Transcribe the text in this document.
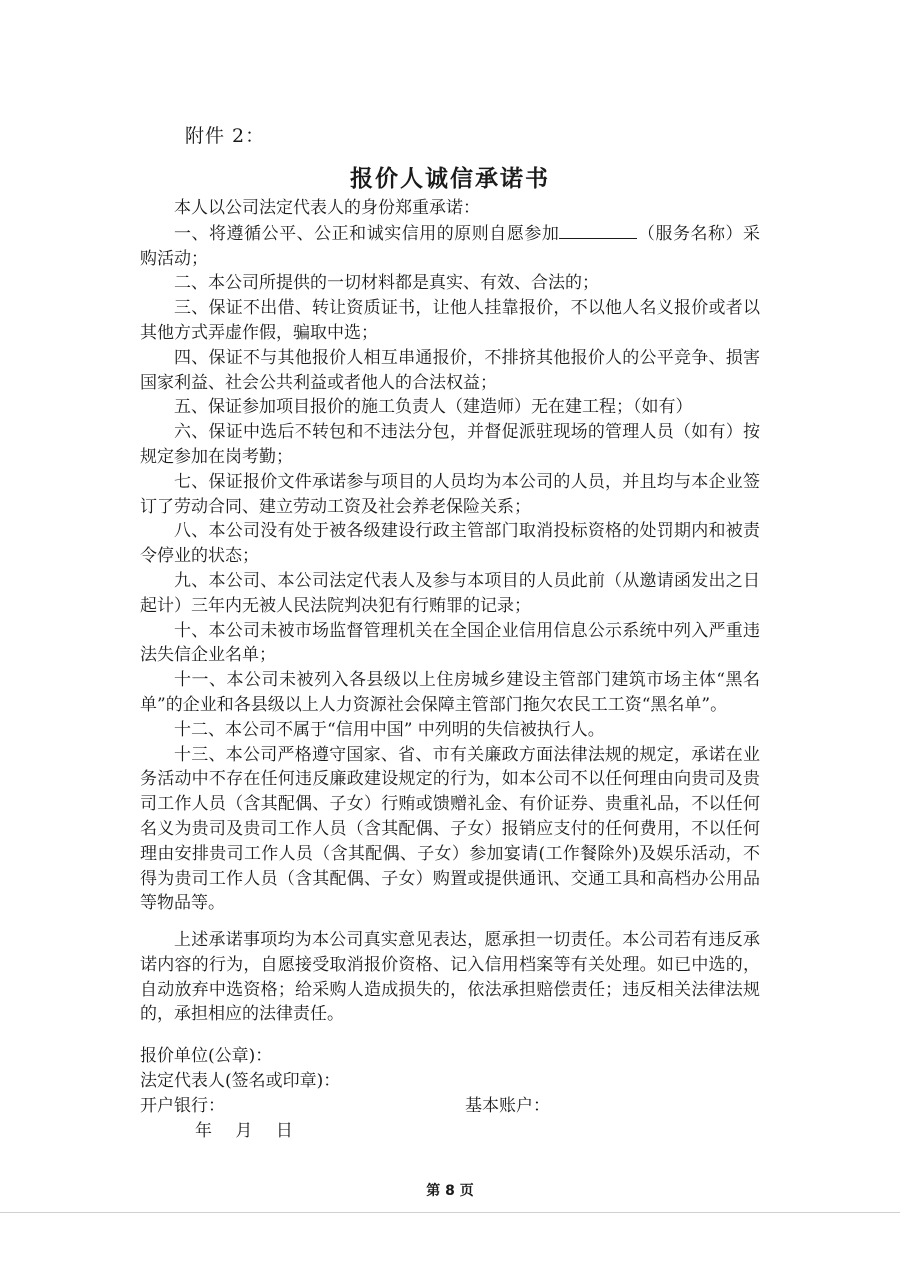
附件 2：
报价人诚信承诺书

本人以公司法定代表人的身份郑重承诺：

一、将遵循公平、公正和诚实信用的原则自愿参加	（服务名称）采购活动；

二、本公司所提供的一切材料都是真实、有效、合法的；

三、保证不出借、转让资质证书，让他人挂靠报价，不以他人名义报价或者以其他方式弄虚作假，骗取中选；

四、保证不与其他报价人相互串通报价，不排挤其他报价人的公平竞争、损害国家利益、社会公共利益或者他人的合法权益；

五、保证参加项目报价的施工负责人（建造师）无在建工程；（如有）

六、保证中选后不转包和不违法分包，并督促派驻现场的管理人员（如有）按规定参加在岗考勤；

七、保证报价文件承诺参与项目的人员均为本公司的人员，并且均与本企业签订了劳动合同、建立劳动工资及社会养老保险关系；

八、本公司没有处于被各级建设行政主管部门取消投标资格的处罚期内和被责令停业的状态；

九、本公司、本公司法定代表人及参与本项目的人员此前（从邀请函发出之日起计）三年内无被人民法院判决犯有行贿罪的记录；

十、本公司未被市场监督管理机关在全国企业信用信息公示系统中列入严重违法失信企业名单；

十一、本公司未被列入各县级以上住房城乡建设主管部门建筑市场主体“黑名单”的企业和各县级以上人力资源社会保障主管部门拖欠农民工工资“黑名单”。

十二、本公司不属于“信用中国” 中列明的失信被执行人。

十三、本公司严格遵守国家、省、市有关廉政方面法律法规的规定，承诺在业务活动中不存在任何违反廉政建设规定的行为，如本公司不以任何理由向贵司及贵司工作人员（含其配偶、子女）行贿或馈赠礼金、有价证券、贵重礼品，不以任何名义为贵司及贵司工作人员（含其配偶、子女）报销应支付的任何费用，不以任何理由安排贵司工作人员（含其配偶、子女）参加宴请(工作餐除外)及娱乐活动，不得为贵司工作人员（含其配偶、子女）购置或提供通讯、交通工具和高档办公用品等物品等。

上述承诺事项均为本公司真实意见表达，愿承担一切责任。本公司若有违反承诺内容的行为，自愿接受取消报价资格、记入信用档案等有关处理。如已中选的，自动放弃中选资格；给采购人造成损失的，依法承担赔偿责任；违反相关法律法规的，承担相应的法律责任。

报价单位(公章)：
法定代表人(签名或印章)：
开户银行：	基本账户：
年 月 日
第 8 页
